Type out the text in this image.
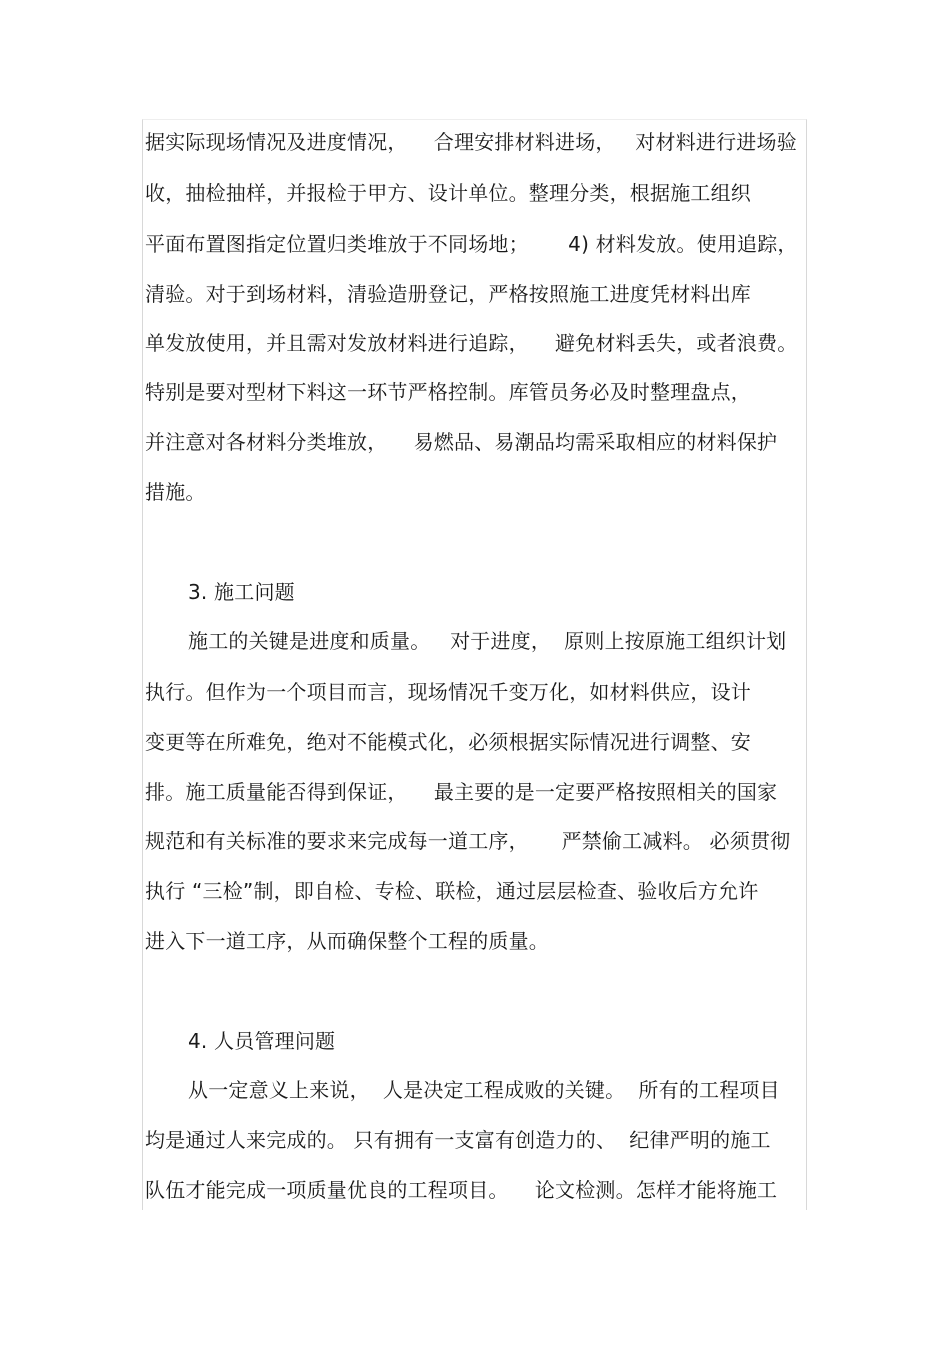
据实际现场情况及进度情况，    合理安排材料进场，   对材料进行进场验
收，抽检抽样，并报检于甲方、设计单位。整理分类，根据施工组织
平面布置图指定位置归类堆放于不同场地；      4) 材料发放。使用追踪，
清验。对于到场材料，清验造册登记，严格按照施工进度凭材料出库
单发放使用，并且需对发放材料进行追踪，    避免材料丢失，或者浪费。
特别是要对型材下料这一环节严格控制。库管员务必及时整理盘点，
并注意对各材料分类堆放，    易燃品、易潮品均需采取相应的材料保护
措施。
3. 施工问题
施工的关键是进度和质量。   对于进度，  原则上按原施工组织计划
执行。但作为一个项目而言，现场情况千变万化，如材料供应，设计
变更等在所难免，绝对不能模式化，必须根据实际情况进行调整、安
排。施工质量能否得到保证，    最主要的是一定要严格按照相关的国家
规范和有关标准的要求来完成每一道工序，     严禁偷工减料。 必须贯彻
执行 “三检”制，即自检、专检、联检，通过层层检查、验收后方允许
进入下一道工序，从而确保整个工程的质量。
4. 人员管理问题
从一定意义上来说，  人是决定工程成败的关键。  所有的工程项目
均是通过人来完成的。 只有拥有一支富有创造力的、  纪律严明的施工
队伍才能完成一项质量优良的工程项目。    论文检测。怎样才能将施工
